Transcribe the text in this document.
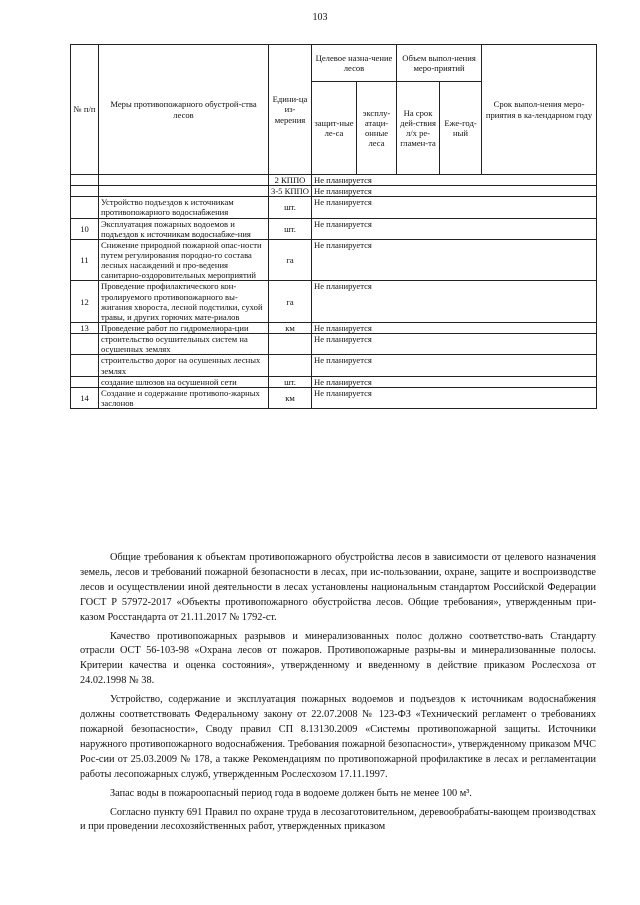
103
№ п/п	Меры противопожарного обустрой-ства лесов	Едини-ца из-мерения	Целевое назна-чение лесов		Объем выпол-нения меро-приятий		Срок выпол-нения меро-приятия в ка-лендарном году
			защит-ные ле-са	эксплу-атаци-онные леса	На срок дей-ствия л/х ре-гламен-та	Еже-год-ный	
		2 КППО	Не планируется				
		3-5 КППО	Не планируется				
	Устройство подъездов к источникам противопожарного водоснабжения	шт.	Не планируется				
10	Эксплуатация пожарных водоемов и подъездов к источникам водоснабже-ния	шт.	Не планируется				
11	Снижение природной пожарной опас-ности путем регулирования породно-го состава лесных насаждений и про-ведения санитарно-оздоровительных мероприятий	га	Не планируется				
12	Проведение профилактического кон-тролируемого противопожарного вы-жигания хвороста, лесной подстилки, сухой травы, и других горючих мате-риалов	га	Не планируется				
13	Проведение работ по гидромелиора-ции	км	Не планируется				
	строительство осушительных систем на осушенных землях		Не планируется				
	строительство дорог на осушенных лесных землях		Не планируется				
	создание шлюзов на осушенной сети	шт.	Не планируется				
14	Создание и содержание противопо-жарных заслонов	км	Не планируется				

Общие требования к объектам противопожарного обустройства лесов в зависимости от целевого назначения земель, лесов и требований пожарной безопасности в лесах, при ис-пользовании, охране, защите и воспроизводстве лесов и осуществлении иной деятельности в лесах установлены национальным стандартом Российской Федерации ГОСТ Р 57972-2017 «Объекты противопожарного обустройства лесов. Общие требования», утвержденным при-казом Росстандарта от 21.11.2017 № 1792-ст.

Качество противопожарных разрывов и минерализованных полос должно соответство-вать Стандарту отрасли ОСТ 56-103-98 «Охрана лесов от пожаров. Противопожарные разры-вы и минерализованные полосы. Критерии качества и оценка состояния», утвержденному и введенному в действие приказом Рослесхоза от 24.02.1998 № 38.

Устройство, содержание и эксплуатация пожарных водоемов и подъездов к источникам водоснабжения должны соответствовать Федеральному закону от 22.07.2008 № 123-ФЗ «Технический регламент о требованиях пожарной безопасности», Своду правил СП 8.13130.2009 «Системы противопожарной защиты. Источники наружного противопожарного водоснабжения. Требования пожарной безопасности», утвержденному приказом МЧС Рос-сии от 25.03.2009 № 178, а также Рекомендациям по противопожарной профилактике в лесах и регламентации работы лесопожарных служб, утвержденным Рослесхозом 17.11.1997.

Запас воды в пожароопасный период года в водоеме должен быть не менее 100 м³.

Согласно пункту 691 Правил по охране труда в лесозаготовительном, деревообрабаты-вающем производствах и при проведении лесохозяйственных работ, утвержденных приказом
